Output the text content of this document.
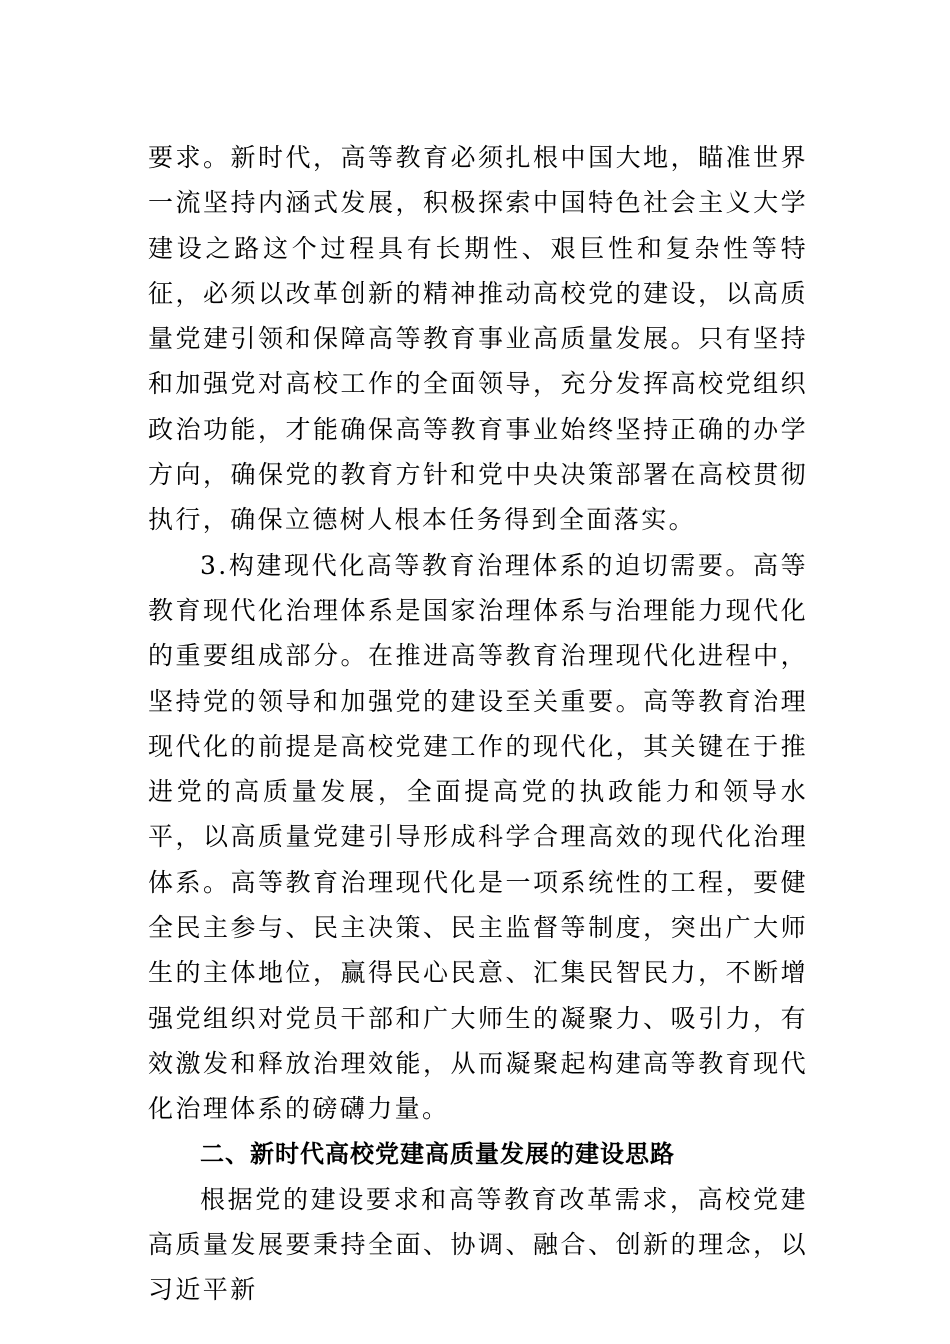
要求。新时代，高等教育必须扎根中国大地，瞄准世界一流坚持内涵式发展，积极探索中国特色社会主义大学建设之路这个过程具有长期性、艰巨性和复杂性等特征，必须以改革创新的精神推动高校党的建设，以高质量党建引领和保障高等教育事业高质量发展。只有坚持和加强党对高校工作的全面领导，充分发挥高校党组织政治功能，才能确保高等教育事业始终坚持正确的办学方向，确保党的教育方针和党中央决策部署在高校贯彻执行，确保立德树人根本任务得到全面落实。

3.构建现代化高等教育治理体系的迫切需要。高等教育现代化治理体系是国家治理体系与治理能力现代化的重要组成部分。在推进高等教育治理现代化进程中，坚持党的领导和加强党的建设至关重要。高等教育治理现代化的前提是高校党建工作的现代化，其关键在于推进党的高质量发展，全面提高党的执政能力和领导水平，以高质量党建引导形成科学合理高效的现代化治理体系。高等教育治理现代化是一项系统性的工程，要健全民主参与、民主决策、民主监督等制度，突出广大师生的主体地位，赢得民心民意、汇集民智民力，不断增强党组织对党员干部和广大师生的凝聚力、吸引力，有效激发和释放治理效能，从而凝聚起构建高等教育现代化治理体系的磅礴力量。

二、新时代高校党建高质量发展的建设思路

根据党的建设要求和高等教育改革需求，高校党建高质量发展要秉持全面、协调、融合、创新的理念，以习近平新
